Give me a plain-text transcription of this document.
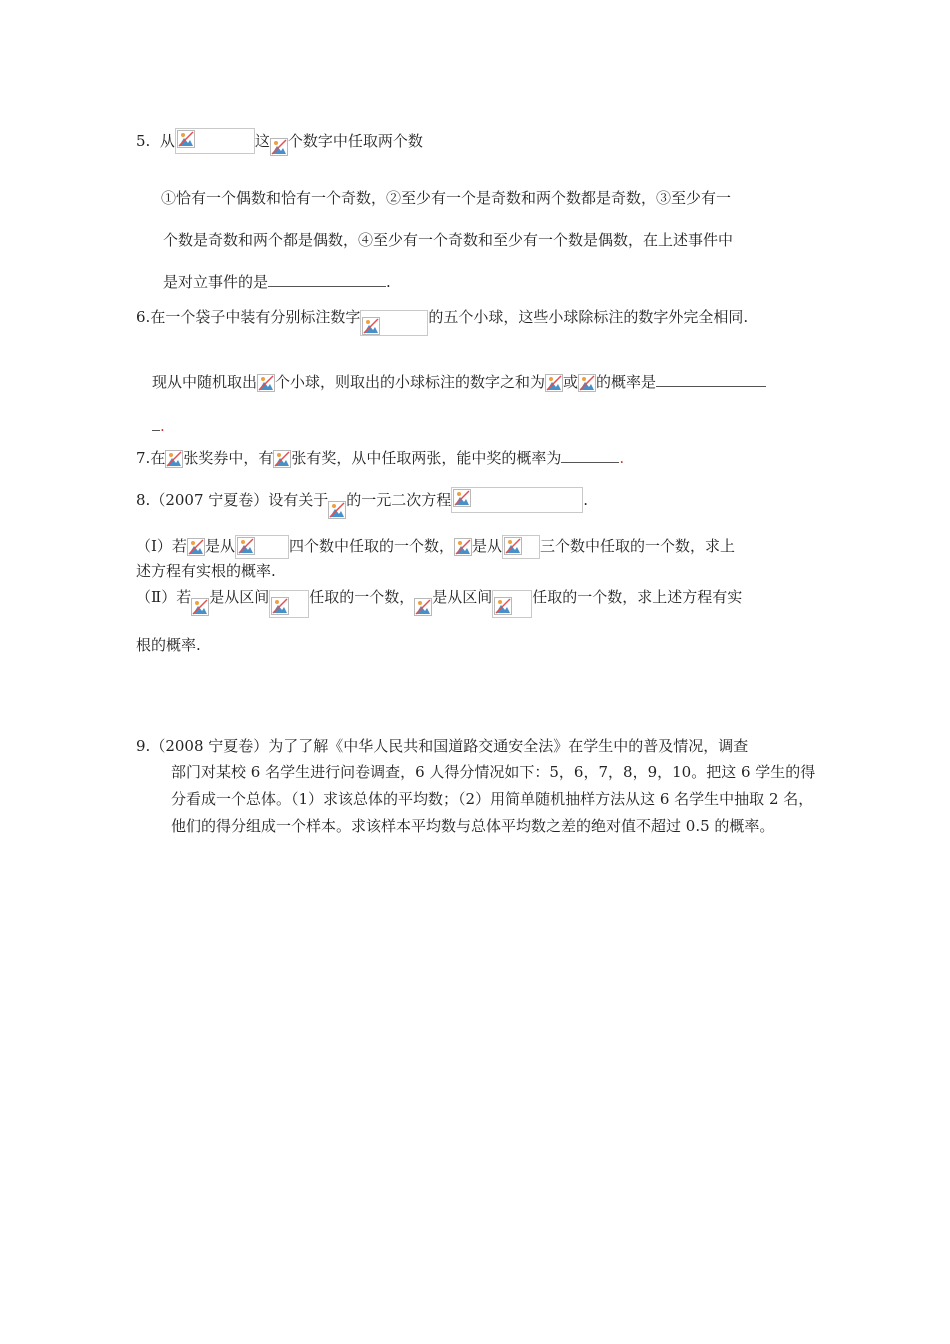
5. 从	这 个数字中任取两个数
①恰有一个偶数和恰有一个奇数，②至少有一个是奇数和两个数都是奇数，③至少有一
个数是奇数和两个都是偶数，④至少有一个奇数和至少有一个数是偶数，在上述事件中
是对立事件的是	.
6.在一个袋子中装有分别标注数字	的五个小球，这些小球除标注的数字外完全相同.
现从中随机取出 个小球，则取出的小球标注的数字之和为 或 的概率是
.
7.在 张奖券中，有 张有奖，从中任取两张，能中奖的概率为	.
8.（2007 宁夏卷）设有关于 的一元二次方程	.
（Ⅰ）若 是从	四个数中任取的一个数， 是从	三个数中任取的一个数，求上
述方程有实根的概率.
（Ⅱ）若 是从区间	任取的一个数， 是从区间	任取的一个数，求上述方程有实
根的概率.
9.（2008 宁夏卷）为了了解《中华人民共和国道路交通安全法》在学生中的普及情况，调查
部门对某校 6 名学生进行问卷调查，6 人得分情况如下：5，6，7，8，9，10。把这 6 学生的得分看成一个总体。（1）求该总体的平均数；（2）用简单随机抽样方法从这 6 名学生中抽取 2 名，他们的得分组成一个样本。求该样本平均数与总体平均数之差的绝对值不超过 0.5 的概率。
